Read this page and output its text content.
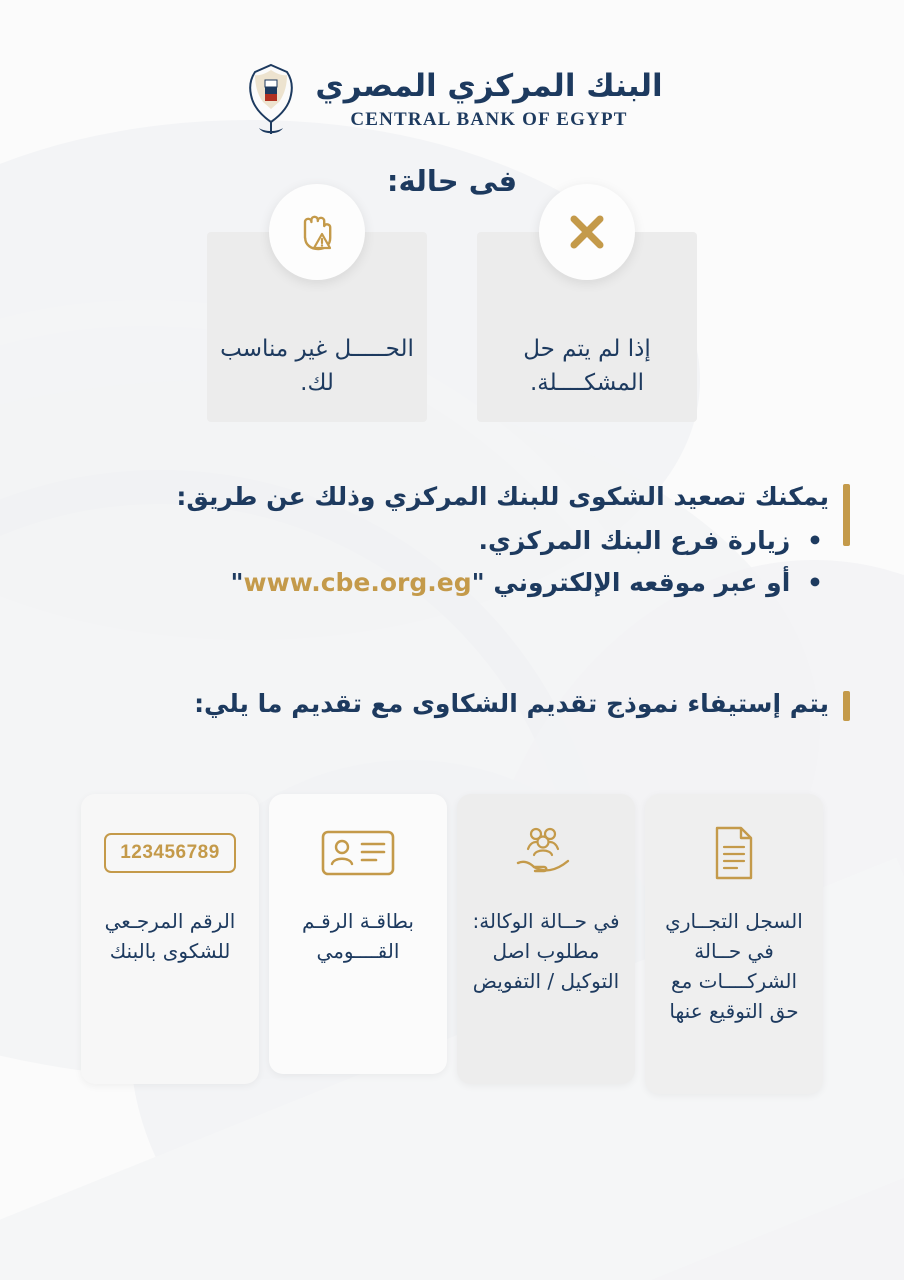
البنك المركزي المصري
CENTRAL BANK OF EGYPT
فى حالة:
إذا لم يتم حل المشكــــلة.
الحـــــل غير مناسب لك.
يمكنك تصعيد الشكوى للبنك المركزي وذلك عن طريق:
• زيارة فرع البنك المركزي.
• أو عبر موقعه الإلكتروني "www.cbe.org.eg"
يتم إستيفاء نموذج تقديم الشكاوى مع تقديم ما يلي:
السجل التجــاري في حــالة الشركــــات مع حق التوقيع عنها
في حــالة الوكالة: مطلوب اصل التوكيل / التفويض
بطاقـة الرقـم القــــومي
123456789
الرقم المرجـعي للشكوى بالبنك
